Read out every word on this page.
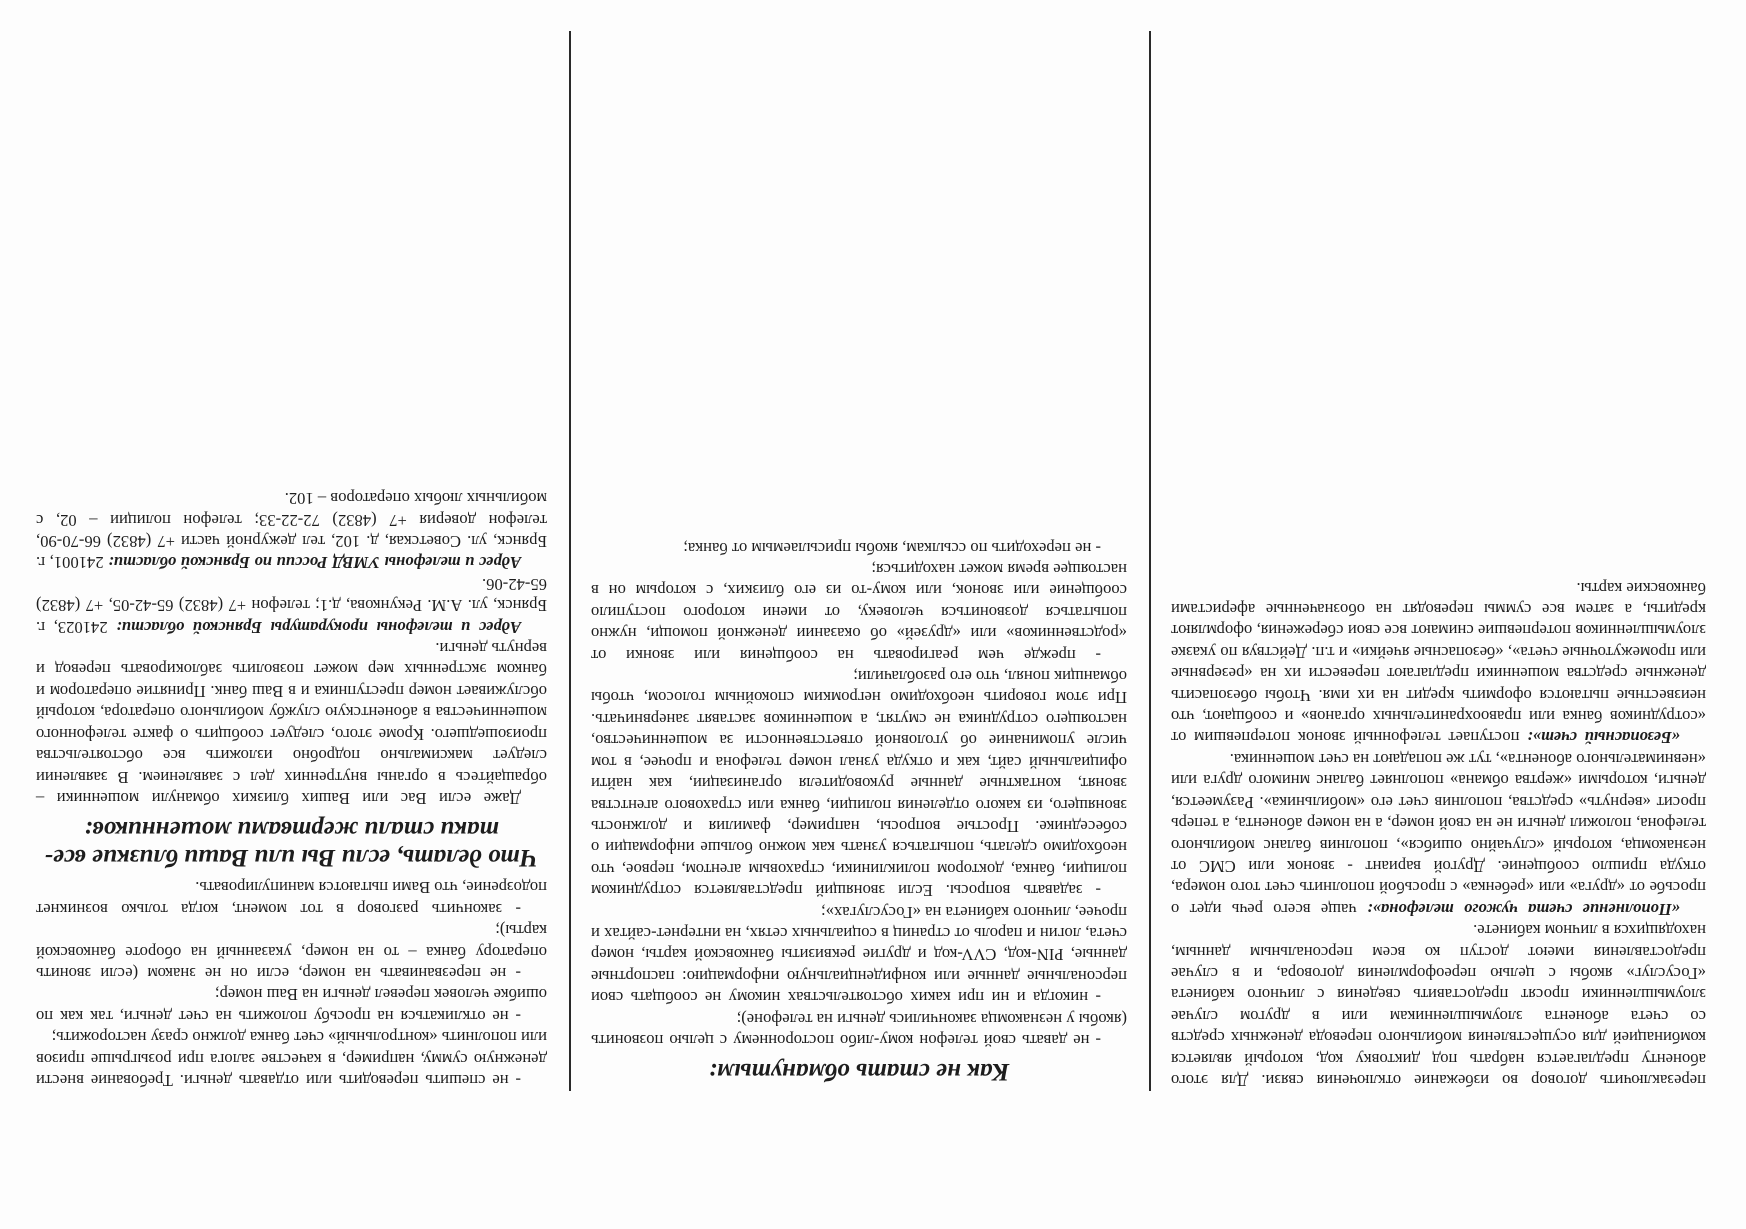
перезаключить договор во избежание отключения связи. Для этого абоненту предлагается набрать под диктовку код, который является комбинацией для осуществления мобильного перевода денежных средств со счета абонента злоумышленникам или в другом случае злоумышленники просят предоставить сведения с личного кабинета «Госуслуг» якобы с целью переоформления договора, и в случае предоставления имеют доступ ко всем персональным данным, находящихся в личном кабинете.

«Пополнение счета чужого телефона»: чаще всего речь идет о просьбе от «друга» или «ребенка» с просьбой пополнить счет того номера, откуда пришло сообщение. Другой вариант - звонок или СМС от незнакомца, который «случайно ошибся», пополнив баланс мобильного телефона, положил деньги не на свой номер, а на номер абонента, а теперь просит «вернуть» средства, пополнив счет его «мобильника». Разумеется, деньги, которыми «жертва обмана» пополняет баланс мнимого друга или «невнимательного абонента», тут же попадают на счет мошенника.

«Безопасный счет»: поступает телефонный звонок потерпевшим от «сотрудников банка или правоохранительных органов» и сообщают, что неизвестные пытаются оформить кредит на их имя. Чтобы обезопасить денежные средства мошенники предлагают перевести их на «резервные или промежуточные счета», «безопасные ячейки» и т.п. Действуя по указке злоумышленников потерпевшие снимают все свои сбережения, оформляют кредиты, а затем все суммы переводят на обозначенные аферистами банковские карты.

Как не стать обманутым:

- не давать свой телефон кому-либо постороннему с целью позвонить (якобы у незнакомца закончились деньги на телефоне);

- никогда и ни при каких обстоятельствах никому не сообщать свои персональные данные или конфиденциальную информацию: паспортные данные, PIN-код, CVV-код и другие реквизиты банковской карты, номер счета, логин и пароль от страниц в социальных сетях, на интернет-сайтах и прочее, личного кабинета на «Госуслугах»;

- задавать вопросы. Если звонящий представляется сотрудником полиции, банка, доктором поликлиники, страховым агентом, первое, что необходимо сделать, попытаться узнать как можно больше информации о собеседнике. Простые вопросы, например, фамилия и должность звонящего, из какого отделения полиции, банка или страхового агентства звонят, контактные данные руководителя организации, как найти официальный сайт, как и откуда узнал номер телефона и прочее, в том числе упоминание об уголовной ответственности за мошенничество, настоящего сотрудника не смутят, а мошенников заставят занервничать. При этом говорить необходимо негромким спокойным голосом, чтобы обманщик понял, что его разоблачили;

- прежде чем реагировать на сообщения или звонки от «родственников» или «друзей» об оказании денежной помощи, нужно попытаться дозвониться человеку, от имени которого поступило сообщение или звонок, или кому-то из его близких, с которым он в настоящее время может находиться;

- не переходить по ссылкам, якобы присылаемым от банка;

- не спешить переводить или отдавать деньги. Требование внести денежную сумму, например, в качестве залога при розыгрыше призов или пополнить «контрольный» счет банка должно сразу насторожить;

- не откликаться на просьбу положить на счет деньги, так как по ошибке человек перевел деньги на Ваш номер;

- не перезванивать на номер, если он не знаком (если звонить оператору банка – то на номер, указанный на обороте банковской карты);

- закончить разговор в тот момент, когда только возникнет подозрение, что Вами пытаются манипулировать.

Что делать, если Вы или Ваши близкие все-таки стали жертвами мошенников:

Даже если Вас или Ваших близких обманули мошенники – обращайтесь в органы внутренних дел с заявлением. В заявлении следует максимально подробно изложить все обстоятельства произошедшего. Кроме этого, следует сообщить о факте телефонного мошенничества в абонентскую службу мобильного оператора, который обслуживает номер преступника и в Ваш банк. Принятие оператором и банком экстренных мер может позволить заблокировать перевод и вернуть деньги.

Адрес и телефоны прокуратуры Брянской области: 241023, г. Брянск, ул. А.М. Рекункова, д.1; телефон +7 (4832) 65-42-05, +7 (4832) 65-42-06.

Адрес и телефоны УМВД России по Брянской области: 241001, г. Брянск, ул. Советская, д. 102, тел дежурной части +7 (4832) 66-70-90, телефон доверия +7 (4832) 72-22-33; телефон полиции – 02, с мобильных любых операторов – 102.
